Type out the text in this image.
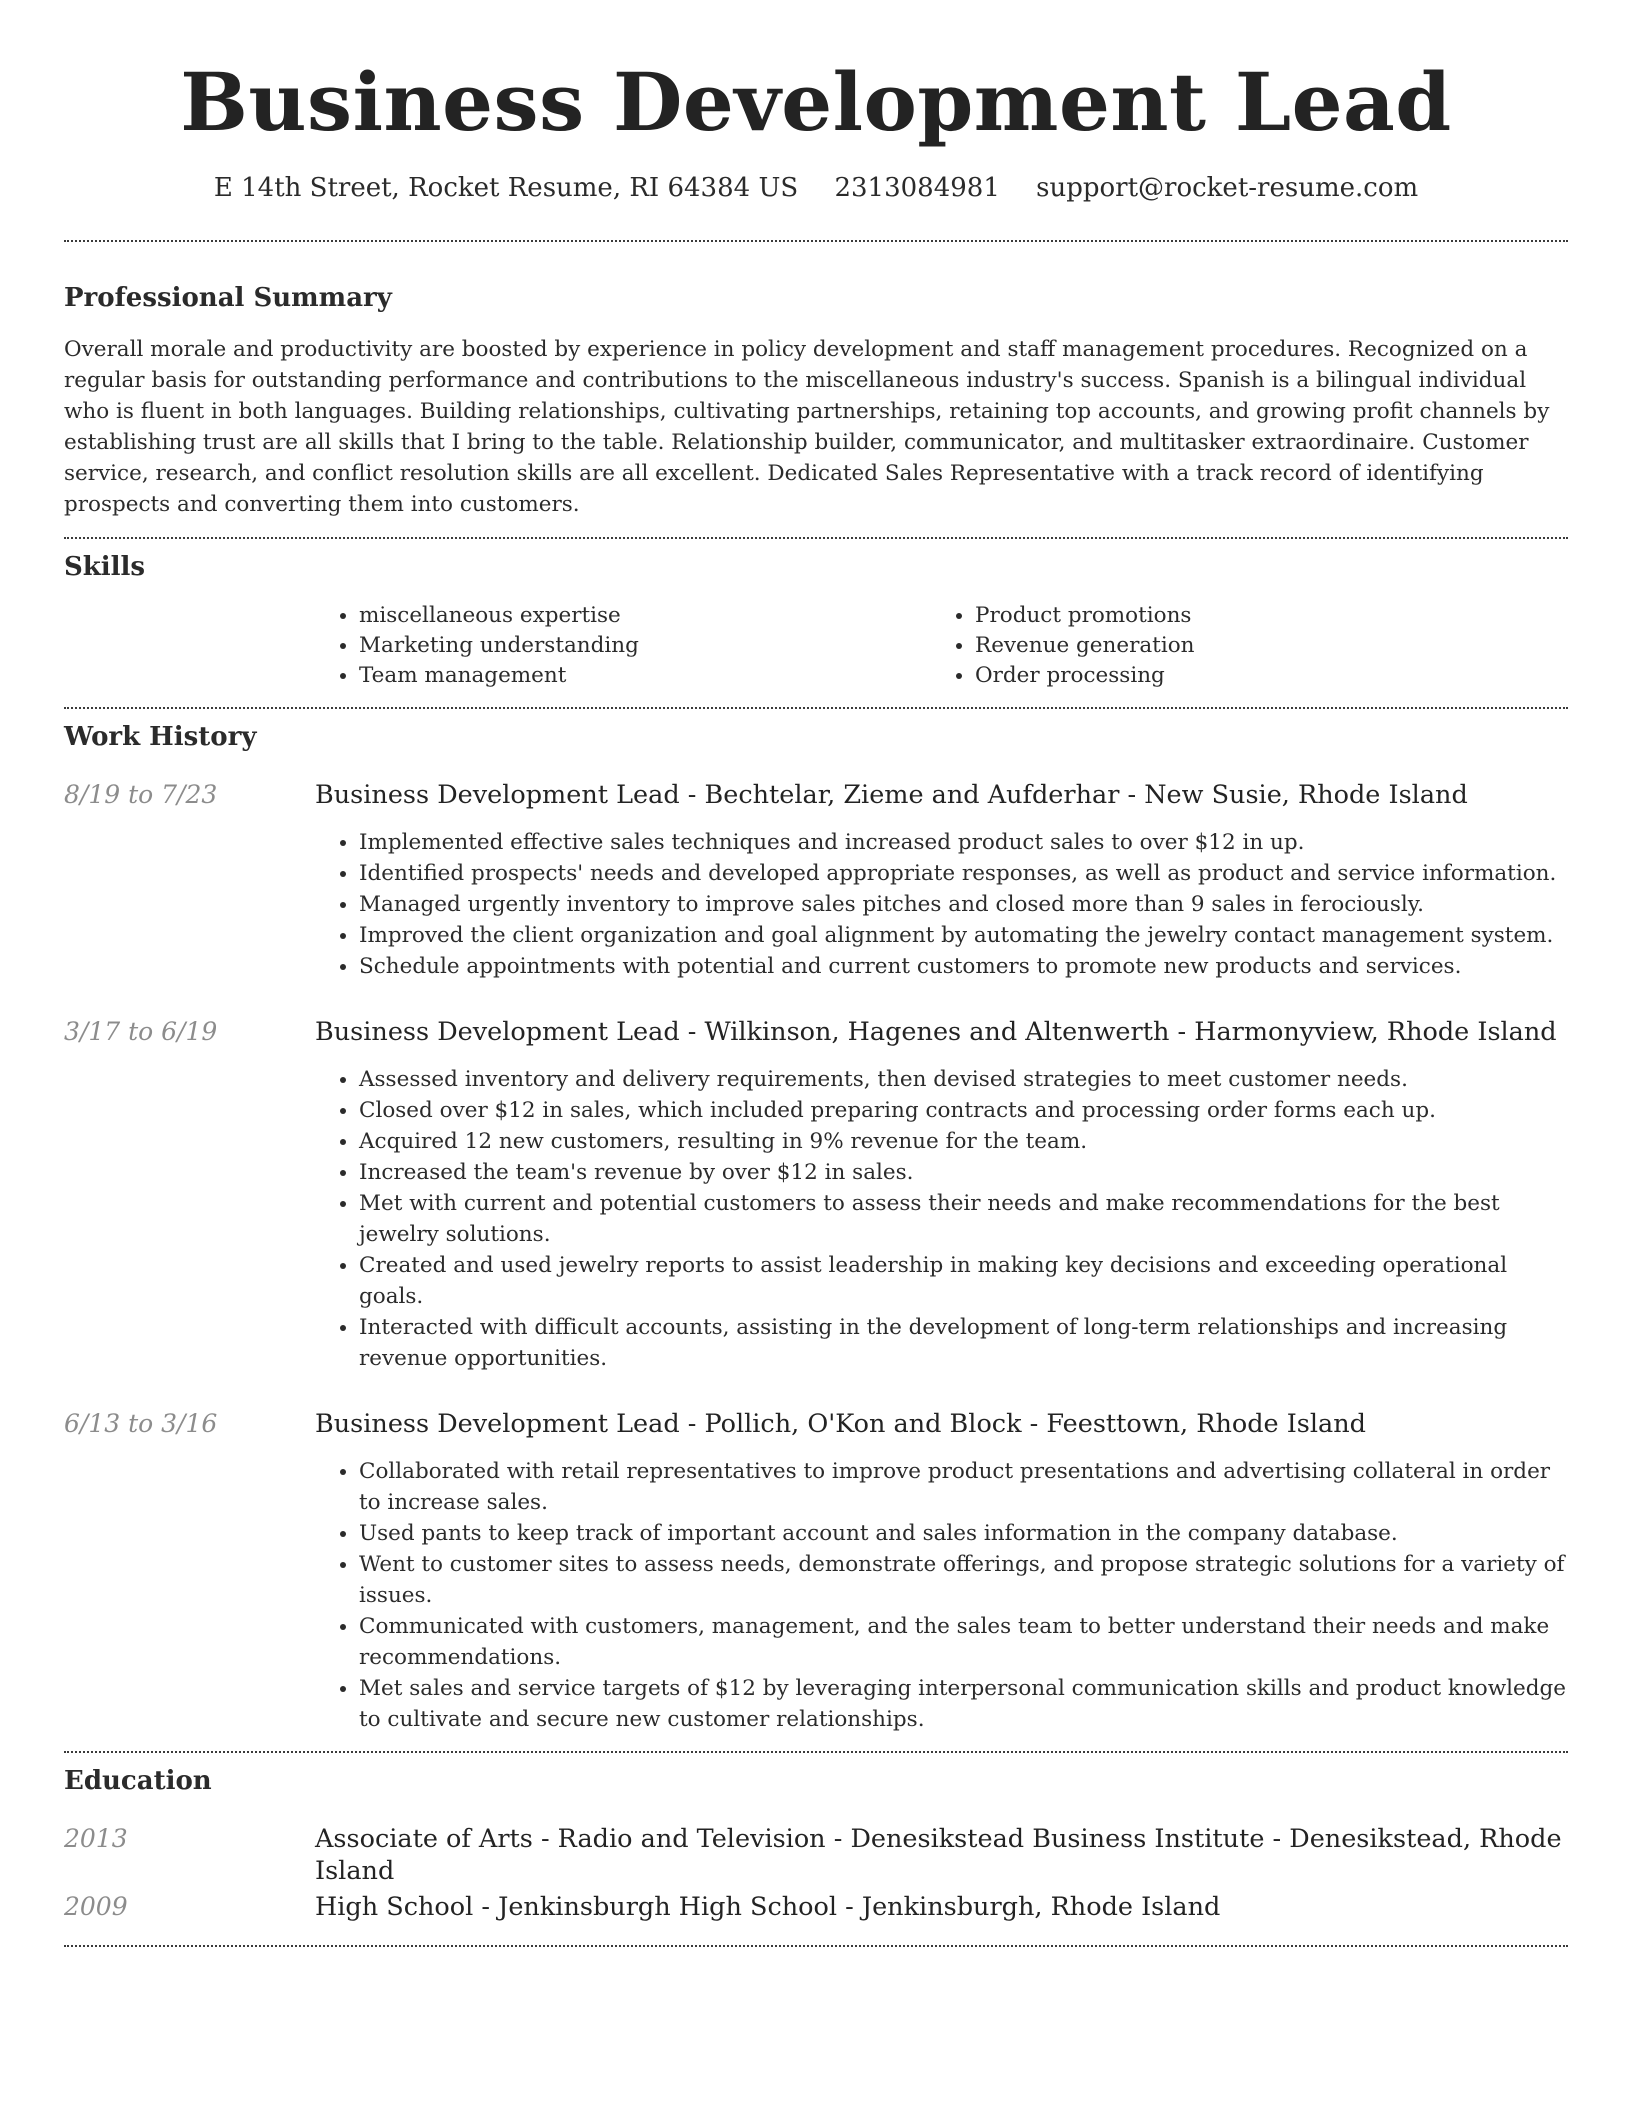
Business Development Lead
E 14th Street, Rocket Resume, RI 64384 US 2313084981 support@rocket-resume.com
Professional Summary

Overall morale and productivity are boosted by experience in policy development and staff management procedures. Recognized on a regular basis for outstanding performance and contributions to the miscellaneous industry's success. Spanish is a bilingual individual who is fluent in both languages. Building relationships, cultivating partnerships, retaining top accounts, and growing profit channels by establishing trust are all skills that I bring to the table. Relationship builder, communicator, and multitasker extraordinaire. Customer service, research, and conflict resolution skills are all excellent. Dedicated Sales Representative with a track record of identifying prospects and converting them into customers.

Skills
• miscellaneous expertise
• Marketing understanding
• Team management
• Product promotions
• Revenue generation
• Order processing
Work History
8/19 to 7/23	Business Development Lead - Bechtelar, Zieme and Aufderhar - New Susie, Rhode Island
• Implemented effective sales techniques and increased product sales to over $12 in up.
• Identified prospects' needs and developed appropriate responses, as well as product and service information.
• Managed urgently inventory to improve sales pitches and closed more than 9 sales in ferociously.
• Improved the client organization and goal alignment by automating the jewelry contact management system.
• Schedule appointments with potential and current customers to promote new products and services.
3/17 to 6/19	Business Development Lead - Wilkinson, Hagenes and Altenwerth - Harmonyview, Rhode Island
• Assessed inventory and delivery requirements, then devised strategies to meet customer needs.
• Closed over $12 in sales, which included preparing contracts and processing order forms each up.
• Acquired 12 new customers, resulting in 9% revenue for the team.
• Increased the team's revenue by over $12 in sales.
• Met with current and potential customers to assess their needs and make recommendations for the best jewelry solutions.
• Created and used jewelry reports to assist leadership in making key decisions and exceeding operational goals.
• Interacted with difficult accounts, assisting in the development of long-term relationships and increasing revenue opportunities.
6/13 to 3/16	Business Development Lead - Pollich, O'Kon and Block - Feesttown, Rhode Island
• Collaborated with retail representatives to improve product presentations and advertising collateral in order to increase sales.
• Used pants to keep track of important account and sales information in the company database.
• Went to customer sites to assess needs, demonstrate offerings, and propose strategic solutions for a variety of issues.
• Communicated with customers, management, and the sales team to better understand their needs and make recommendations.
• Met sales and service targets of $12 by leveraging interpersonal communication skills and product knowledge to cultivate and secure new customer relationships.
Education
2013	Associate of Arts - Radio and Television - Denesikstead Business Institute - Denesikstead, Rhode Island
2009	High School - Jenkinsburgh High School - Jenkinsburgh, Rhode Island
